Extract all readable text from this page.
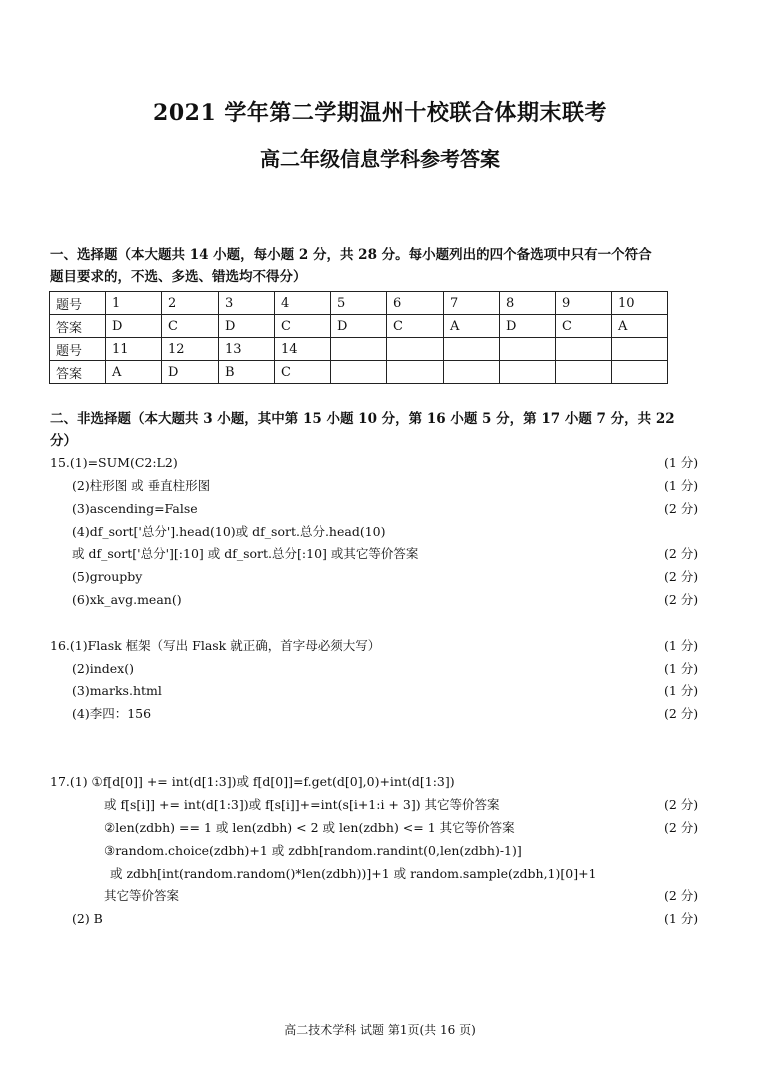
2021 学年第二学期温州十校联合体期末联考
高二年级信息学科参考答案
一、选择题（本大题共 14 小题，每小题 2 分，共 28 分。每小题列出的四个备选项中只有一个符合
题目要求的，不选、多选、错选均不得分）
题号	1	2	3	4	5	6	7	8	9	10
答案	D	C	D	C	D	C	A	D	C	A
题号	11	12	13	14						
答案	A	D	B	C						
二、非选择题（本大题共 3 小题，其中第 15 小题 10 分，第 16 小题 5 分，第 17 小题 7 分，共 22
分）
15.(1)=SUM(C2:L2)	(1 分)
(2)柱形图 或 垂直柱形图	(1 分)
(3)ascending=False	(2 分)
(4)df_sort['总分'].head(10)或 df_sort.总分.head(10)
或 df_sort['总分'][:10] 或 df_sort.总分[:10] 或其它等价答案	(2 分)
(5)groupby	(2 分)
(6)xk_avg.mean()	(2 分)
16.(1)Flask 框架（写出 Flask 就正确，首字母必须大写）	(1 分)
(2)index()	(1 分)
(3)marks.html	(1 分)
(4)李四：156	(2 分)
17.(1) ①f[d[0]] += int(d[1:3])或 f[d[0]]=f.get(d[0],0)+int(d[1:3])
或 f[s[i]] += int(d[1:3])或 f[s[i]]+=int(s[i+1:i + 3]) 其它等价答案	(2 分)
②len(zdbh) == 1 或 len(zdbh) < 2 或 len(zdbh) <= 1 其它等价答案	(2 分)
③random.choice(zdbh)+1 或 zdbh[random.randint(0,len(zdbh)-1)]
或 zdbh[int(random.random()*len(zdbh))]+1 或 random.sample(zdbh,1)[0]+1
其它等价答案	(2 分)
(2) B	(1 分)
高二技术学科 试题 第1页(共 16 页)
